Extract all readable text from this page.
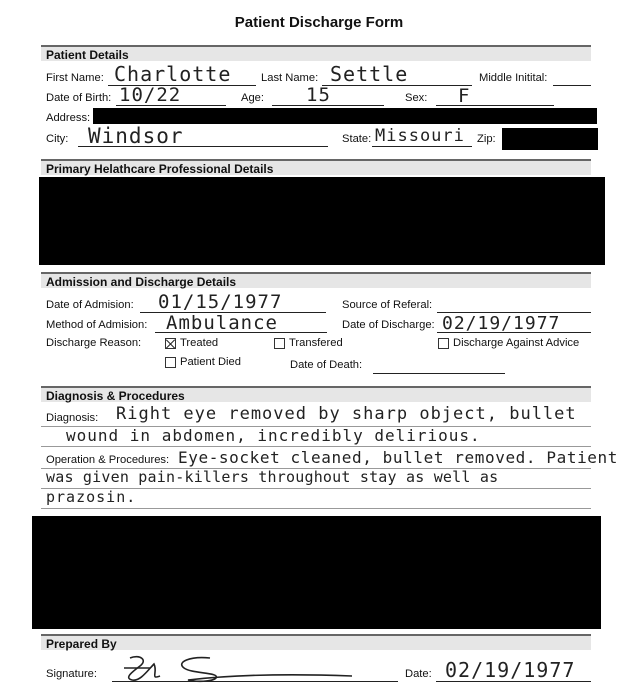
Patient Discharge Form
Patient Details
First Name: Charlotte	Last Name: Settle	Middle Initital:
Date of Birth: 10/22	Age: 15	Sex: F
Address:
City: Windsor	State: Missouri Zip:
Primary Helathcare Professional Details
Admission and Discharge Details
Date of Admision: 01/15/1977	Source of Referal:
Method of Admision: Ambulance	Date of Discharge: 02/19/1977
Discharge Reason:	Treated	Transfered	Discharge Against Advice
Patient Died	Date of Death:
Diagnosis & Procedures
Diagnosis: Right eye removed by sharp object, bullet
wound in abdomen, incredibly delirious.
Operation & Procedures: Eye-socket cleaned, bullet removed. Patient
was given pain-killers throughout stay as well as
prazosin.
Prepared By
Signature:	Date: 02/19/1977
